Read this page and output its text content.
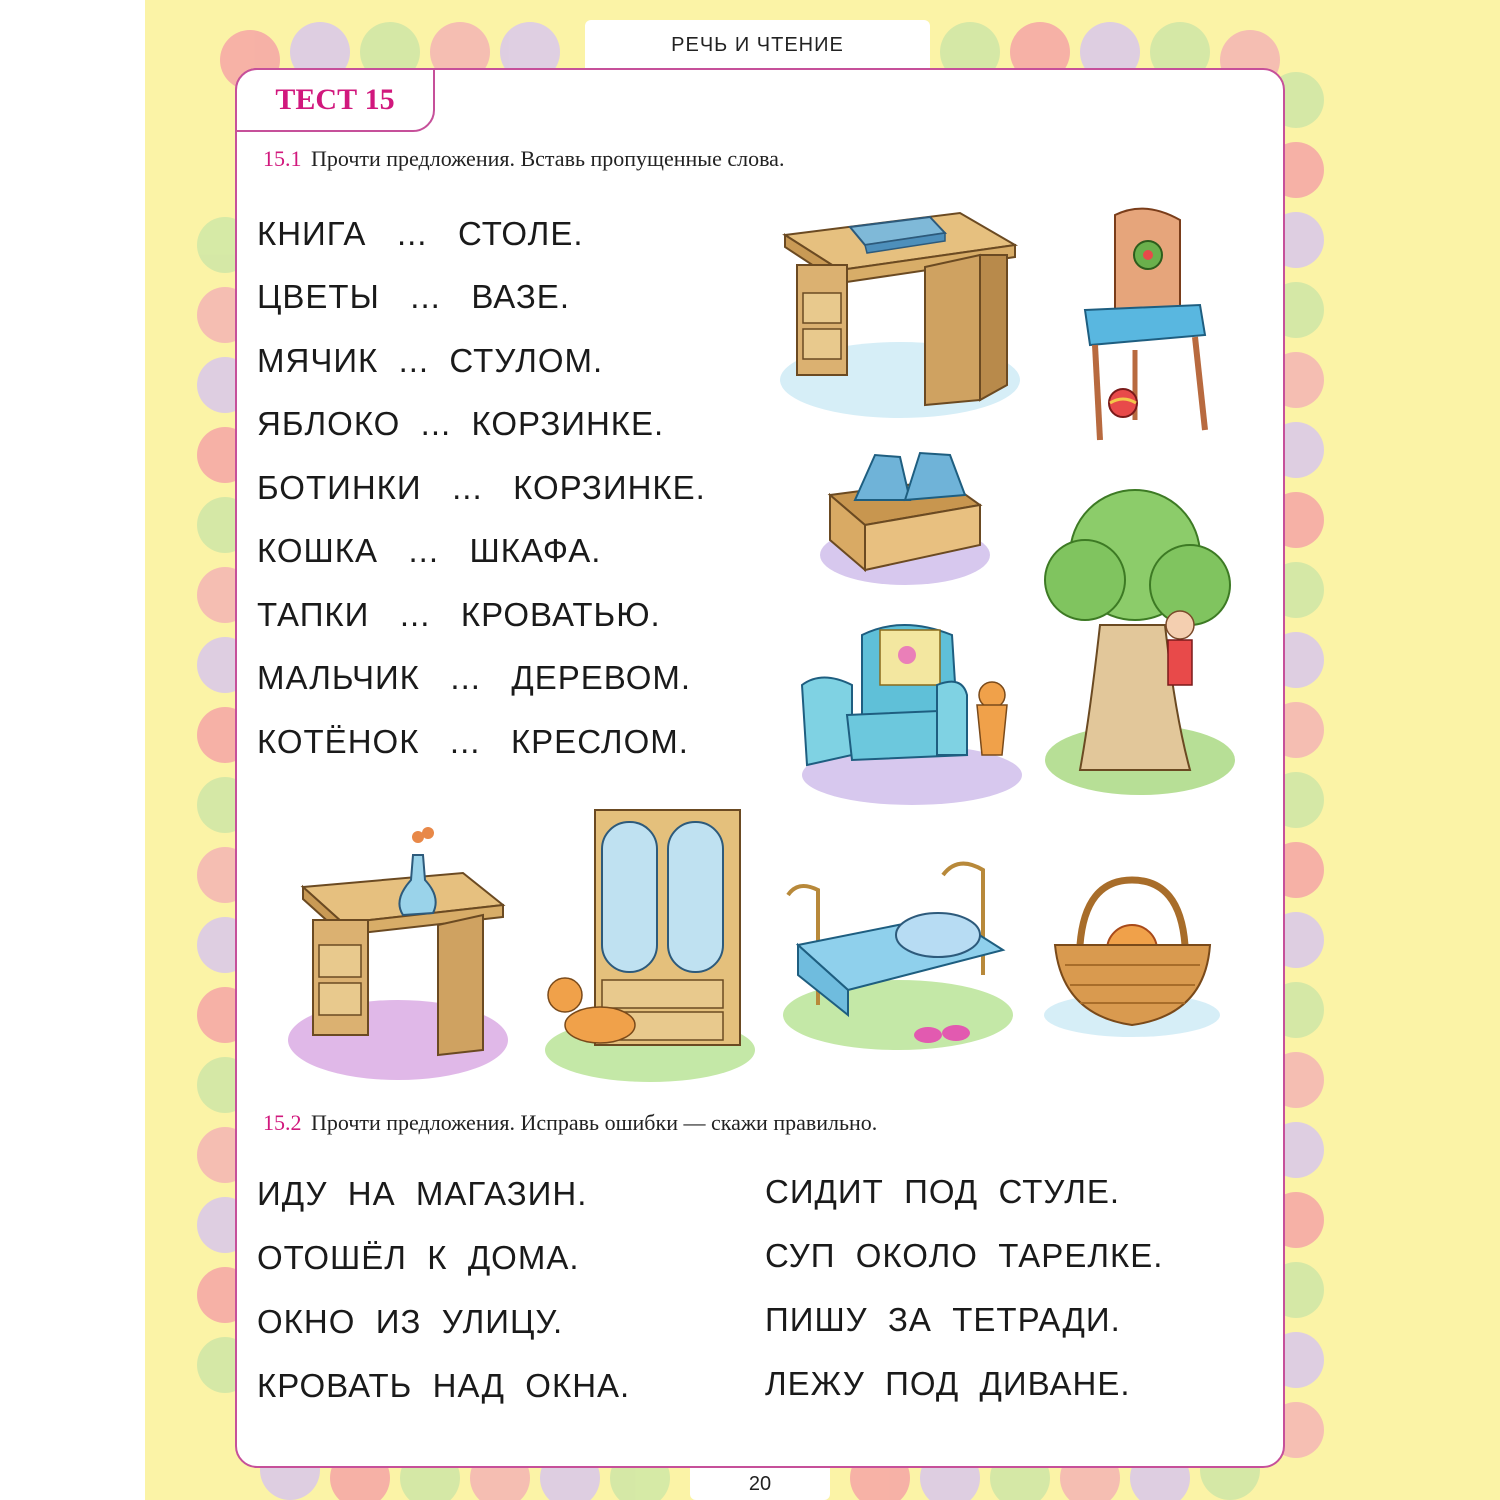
РЕЧЬ И ЧТЕНИЕ
ТЕСТ 15
15.1 Прочти предложения. Вставь пропущенные слова.

КНИГА   ...   СТОЛЕ.

ЦВЕТЫ   ...   ВАЗЕ.

МЯЧИК  ...  СТУЛОМ.

ЯБЛОКО  ...  КОРЗИНКЕ.

БОТИНКИ   ...   КОРЗИНКЕ.

КОШКА   ...   ШКАФА.

ТАПКИ   ...   КРОВАТЬЮ.

МАЛЬЧИК   ...   ДЕРЕВОМ.

КОТЁНОК   ...   КРЕСЛОМ.

15.2 Прочти предложения. Исправь ошибки — скажи правильно.

ИДУ  НА  МАГАЗИН.

ОТОШЁЛ  К  ДОМА.

ОКНО  ИЗ  УЛИЦУ.

КРОВАТЬ  НАД  ОКНА.

СИДИТ  ПОД  СТУЛЕ.

СУП  ОКОЛО  ТАРЕЛКЕ.

ПИШУ  ЗА  ТЕТРАДИ.

ЛЕЖУ  ПОД  ДИВАНЕ.

20
